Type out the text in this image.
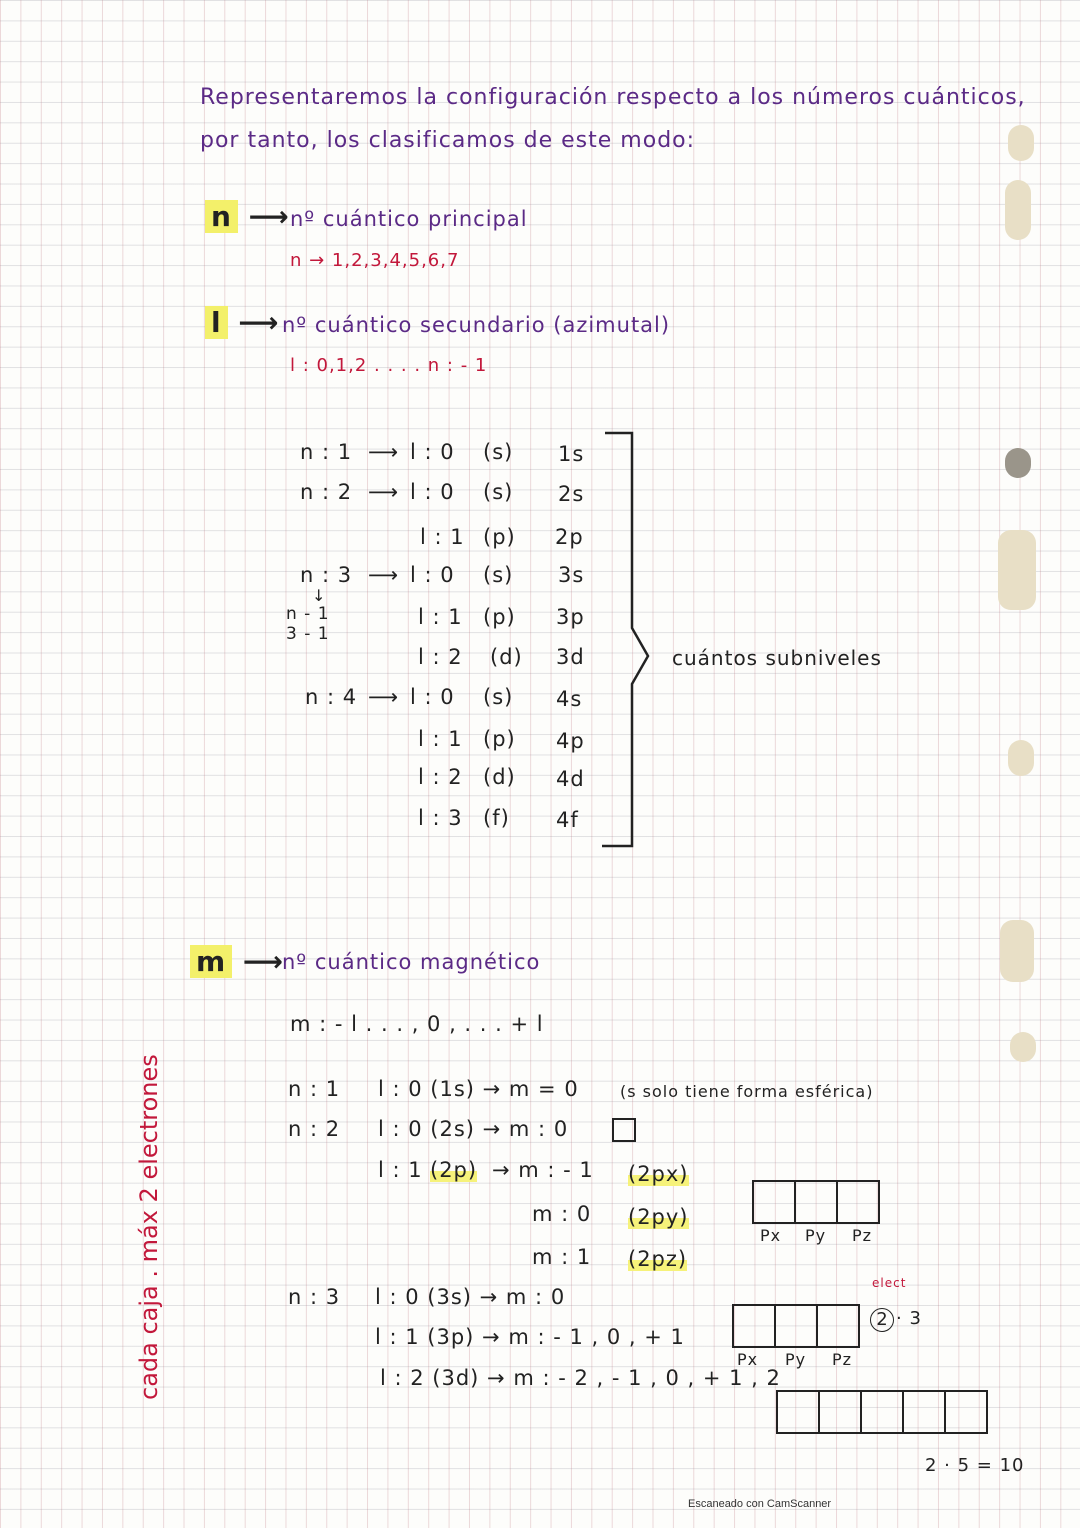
Representaremos la configuración respecto a los números cuánticos,
por tanto, los clasificamos de este modo:
n ⟶ nº cuántico principal
n → 1,2,3,4,5,6,7
l ⟶ nº cuántico secundario (azimutal)
l : 0,1,2 . . . . n : - 1
n : 1 ⟶ l : 0 (s) 1s
n : 2 ⟶ l : 0 (s) 2s
l : 1 (p) 2p
n : 3 ⟶ l : 0 (s) 3s
↓
n - 1
3 - 1
l : 1 (p) 3p
l : 2 (d) 3d
n : 4 ⟶ l : 0 (s) 4s
l : 1 (p) 4p
l : 2 (d) 4d
l : 3 (f) 4f
cuántos subniveles
m ⟶
nº cuántico magnético
m : - l . . . , 0 , . . . + l
n : 1 l : 0 (1s) → m = 0	(s solo tiene forma esférica)
n : 2 l : 0 (2s) → m : 0
l : 1 (2p) → m : - 1
m : 0
m : 1
(2px)
(2py)
(2pz)
Px Py Pz
n : 3 l : 0 (3s) → m : 0
l : 1 (3p) → m : - 1 , 0 , + 1
l : 2 (3d) → m : - 2 , - 1 , 0 , + 1 , 2
Px Py Pz
elect
2 · 3
2 · 5 = 10
cada caja . máx 2 electrones
Escaneado con CamScanner
